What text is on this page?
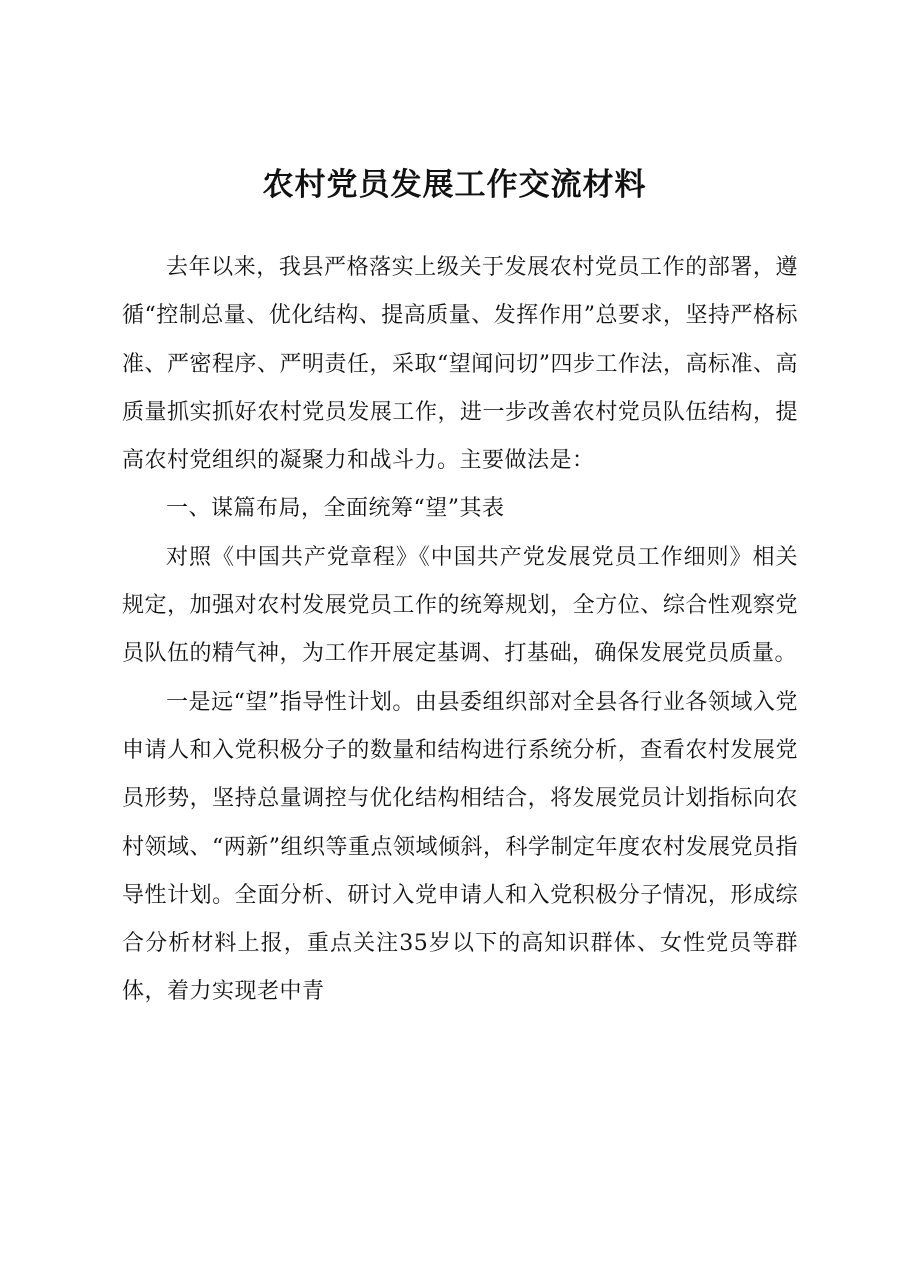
农村党员发展工作交流材料

去年以来，我县严格落实上级关于发展农村党员工作的部署，遵循“控制总量、优化结构、提高质量、发挥作用”总要求，坚持严格标准、严密程序、严明责任，采取“望闻问切”四步工作法，高标准、高质量抓实抓好农村党员发展工作，进一步改善农村党员队伍结构，提高农村党组织的凝聚力和战斗力。主要做法是：

一、谋篇布局，全面统筹“望”其表

对照《中国共产党章程》《中国共产党发展党员工作细则》相关规定，加强对农村发展党员工作的统筹规划，全方位、综合性观察党员队伍的精气神，为工作开展定基调、打基础，确保发展党员质量。

一是远“望”指导性计划。由县委组织部对全县各行业各领域入党申请人和入党积极分子的数量和结构进行系统分析，查看农村发展党员形势，坚持总量调控与优化结构相结合，将发展党员计划指标向农村领域、“两新”组织等重点领域倾斜，科学制定年度农村发展党员指导性计划。全面分析、研讨入党申请人和入党积极分子情况，形成综合分析材料上报，重点关注35岁以下的高知识群体、女性党员等群体，着力实现老中青
